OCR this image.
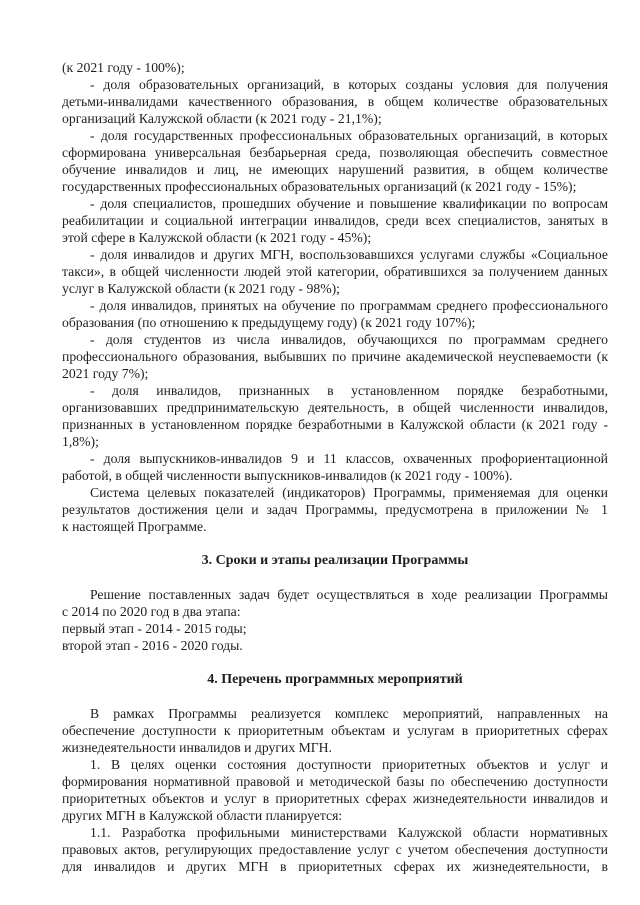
(к 2021 году - 100%);
- доля образовательных организаций, в которых созданы условия для получения
детьми-инвалидами качественного образования, в общем количестве образовательных
организаций Калужской области (к 2021 году - 21,1%);
- доля государственных профессиональных образовательных организаций, в которых
сформирована универсальная безбарьерная среда, позволяющая обеспечить совместное
обучение инвалидов и лиц, не имеющих нарушений развития, в общем количестве
государственных профессиональных образовательных организаций (к 2021 году - 15%);
- доля специалистов, прошедших обучение и повышение квалификации по вопросам
реабилитации и социальной интеграции инвалидов, среди всех специалистов, занятых в
этой сфере в Калужской области (к 2021 году - 45%);
- доля инвалидов и других МГН, воспользовавшихся услугами службы «Социальное
такси», в общей численности людей этой категории, обратившихся за получением данных
услуг в Калужской области (к 2021 году - 98%);
- доля инвалидов, принятых на обучение по программам среднего профессионального
образования (по отношению к предыдущему году) (к 2021 году 107%);
- доля студентов из числа инвалидов, обучающихся по программам среднего
профессионального образования, выбывших по причине академической неуспеваемости (к
2021 году 7%);
- доля инвалидов, признанных в установленном порядке безработными,
организовавших предпринимательскую деятельность, в общей численности инвалидов,
признанных в установленном порядке безработными в Калужской области (к 2021 году -
1,8%);
- доля выпускников-инвалидов 9 и 11 классов, охваченных профориентационной
работой, в общей численности выпускников-инвалидов (к 2021 году - 100%).
Система целевых показателей (индикаторов) Программы, применяемая для оценки
результатов достижения цели и задач Программы, предусмотрена в приложении № 1
к настоящей Программе.
3. Сроки и этапы реализации Программы
Решение поставленных задач будет осуществляться в ходе реализации Программы
с 2014 по 2020 год в два этапа:
первый этап - 2014 - 2015 годы;
второй этап - 2016 - 2020 годы.
4. Перечень программных мероприятий
В рамках Программы реализуется комплекс мероприятий, направленных на
обеспечение доступности к приоритетным объектам и услугам в приоритетных сферах
жизнедеятельности инвалидов и других МГН.
1. В целях оценки состояния доступности приоритетных объектов и услуг и
формирования нормативной правовой и методической базы по обеспечению доступности
приоритетных объектов и услуг в приоритетных сферах жизнедеятельности инвалидов и
других МГН в Калужской области планируется:
1.1. Разработка профильными министерствами Калужской области нормативных
правовых актов, регулирующих предоставление услуг с учетом обеспечения доступности
для инвалидов и других МГН в приоритетных сферах их жизнедеятельности, в
